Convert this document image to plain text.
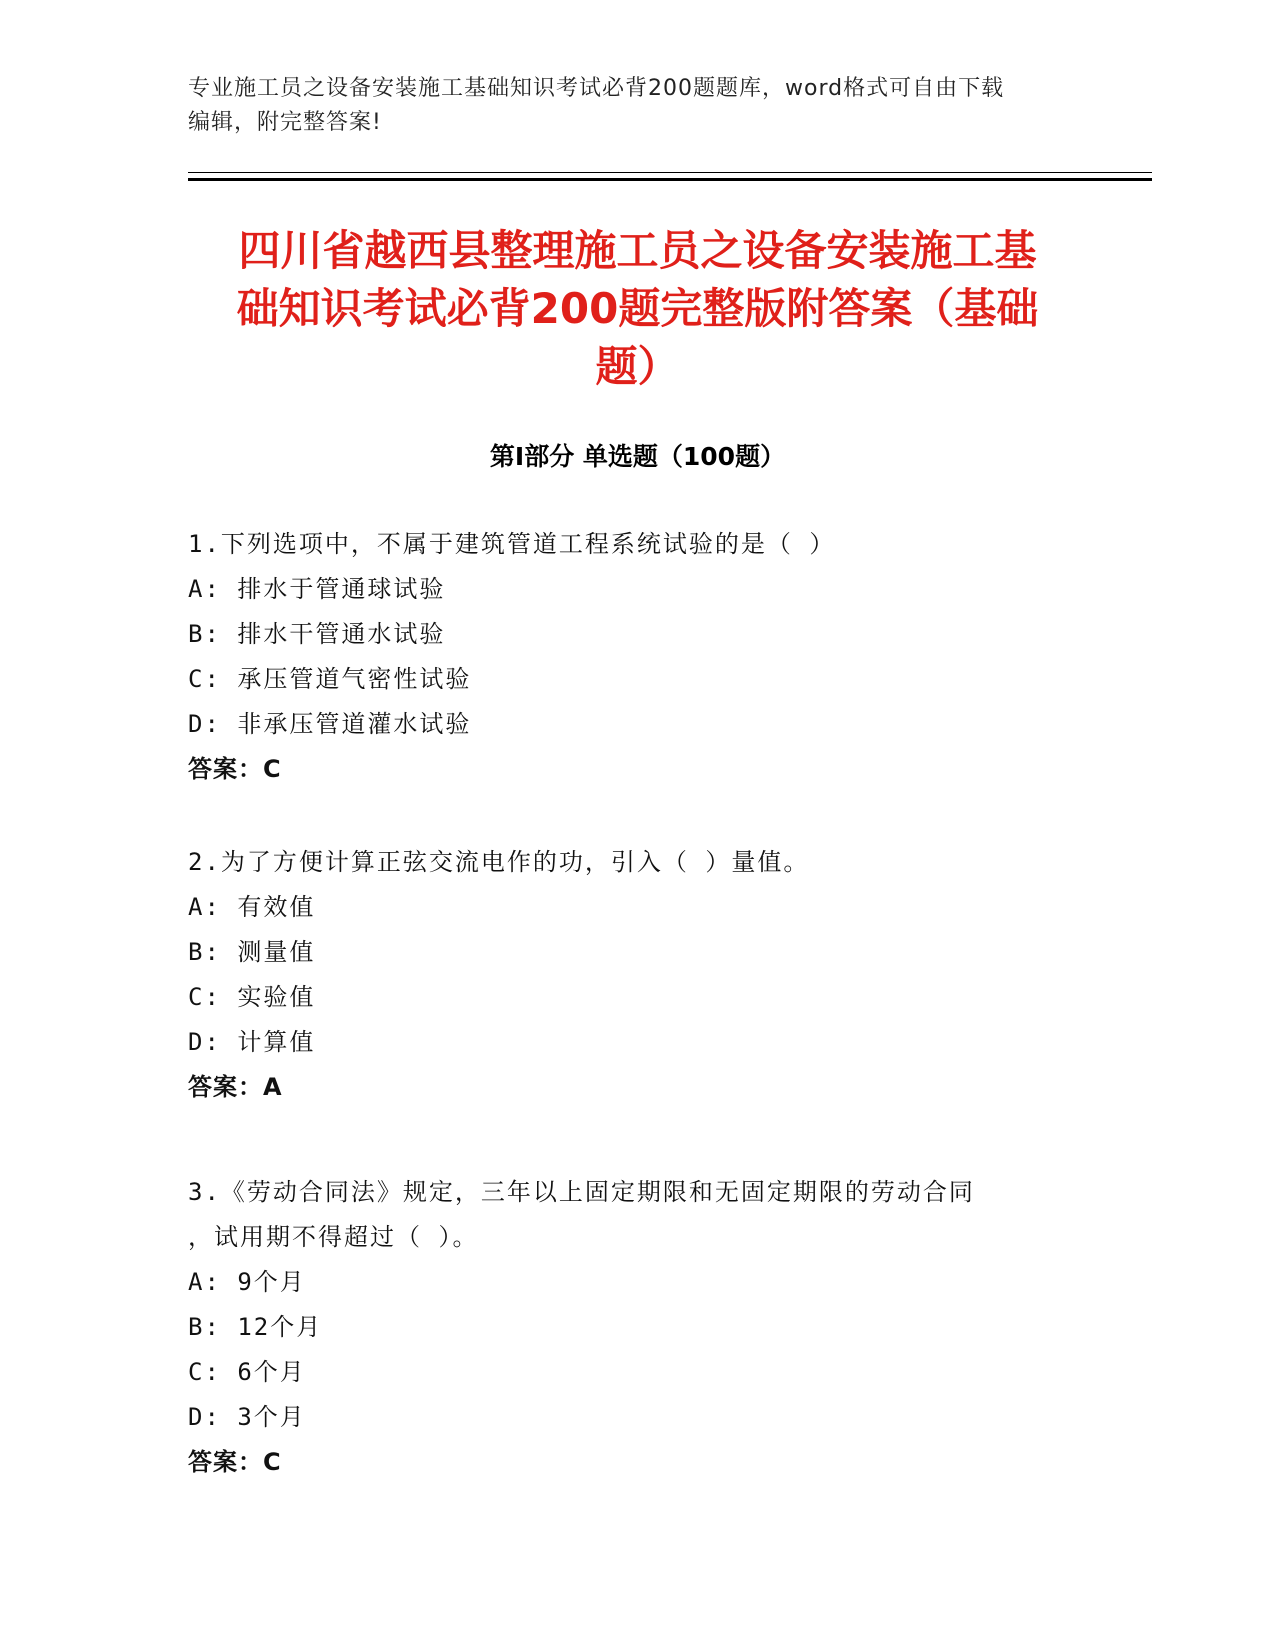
专业施工员之设备安装施工基础知识考试必背200题题库，word格式可自由下载
编辑，附完整答案!
四川省越西县整理施工员之设备安装施工基
础知识考试必背200题完整版附答案（基础
题）
第I部分 单选题（100题）
1.下列选项中，不属于建筑管道工程系统试验的是（ ）
A: 排水于管通球试验
B: 排水干管通水试验
C: 承压管道气密性试验
D: 非承压管道灌水试验
答案：C
2.为了方便计算正弦交流电作的功，引入（ ）量值。
A: 有效值
B: 测量值
C: 实验值
D: 计算值
答案：A
3.《劳动合同法》规定，三年以上固定期限和无固定期限的劳动合同
，试用期不得超过（ ）。
A: 9个月
B: 12个月
C: 6个月
D: 3个月
答案：C
